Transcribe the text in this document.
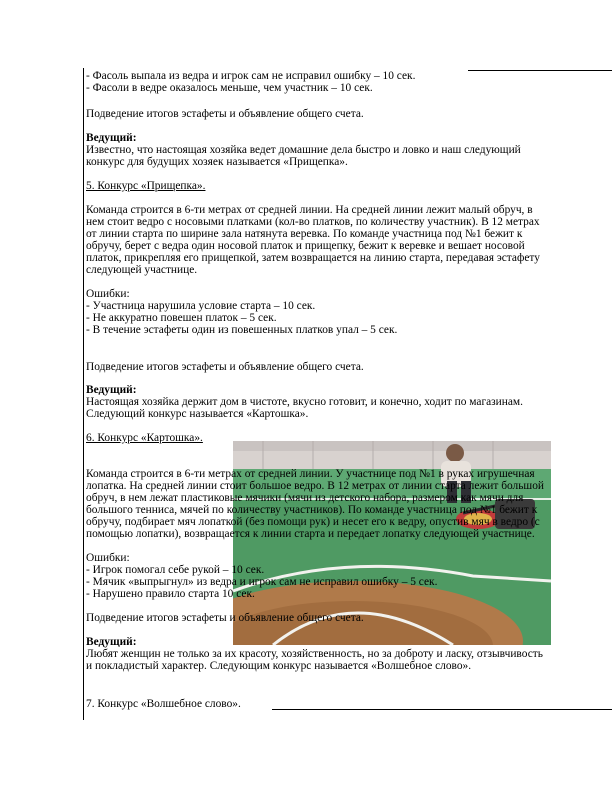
- Фасоль выпала из ведра и игрок сам не исправил ошибку – 10 сек.
- Фасоли в ведре оказалось меньше, чем участник – 10 сек.
Подведение итогов эстафеты и объявление общего счета.
Ведущий:
Известно, что настоящая хозяйка ведет домашние дела быстро и ловко и наш следующий
конкурс для будущих хозяек называется «Прищепка».
5. Конкурс «Прищепка».
Команда строится в 6-ти метрах от средней линии. На средней линии лежит малый обруч, в
нем стоит ведро с носовыми платками (кол-во платков, по количеству участник). В 12 метрах
от линии старта по ширине зала натянута веревка. По команде участница под №1 бежит к
обручу, берет с ведра один носовой платок и прищепку, бежит к веревке и вешает носовой
платок, прикрепляя его прищепкой, затем возвращается на линию старта, передавая эстафету
следующей участнице.
Ошибки:
- Участница нарушила условие старта – 10 сек.
- Не аккуратно повешен платок – 5 сек.
- В течение эстафеты один из повешенных платков упал – 5 сек.
Подведение итогов эстафеты и объявление общего счета.
Ведущий:
Настоящая хозяйка держит дом в чистоте, вкусно готовит, и конечно, ходит по магазинам.
Следующий конкурс называется «Картошка».
6. Конкурс «Картошка».
Команда строится в 6-ти метрах от средней линии. У участнице под №1 в руках игрушечная
лопатка. На средней линии стоит большое ведро. В 12 метрах от линии старта лежит большой
обруч, в нем лежат пластиковые мячики (мячи из детского набора, размером как мячи для
большого тенниса, мячей по количеству участников). По команде участница под №1 бежит к
обручу, подбирает мяч лопаткой (без помощи рук) и несет его к ведру, опустив мяч в ведро (с
помощью лопатки), возвращается к линии старта и передает лопатку следующей участнице.
Ошибки:
- Игрок помогал себе рукой – 10 сек.
- Мячик «выпрыгнул» из ведра и игрок сам не исправил ошибку – 5 сек.
- Нарушено правило старта 10 сек.
Подведение итогов эстафеты и объявление общего счета.
Ведущий:
Любят женщин не только за их красоту, хозяйственность, но за доброту и ласку, отзывчивость
и покладистый характер. Следующим конкурс называется «Волшебное слово».
7. Конкурс «Волшебное слово».
